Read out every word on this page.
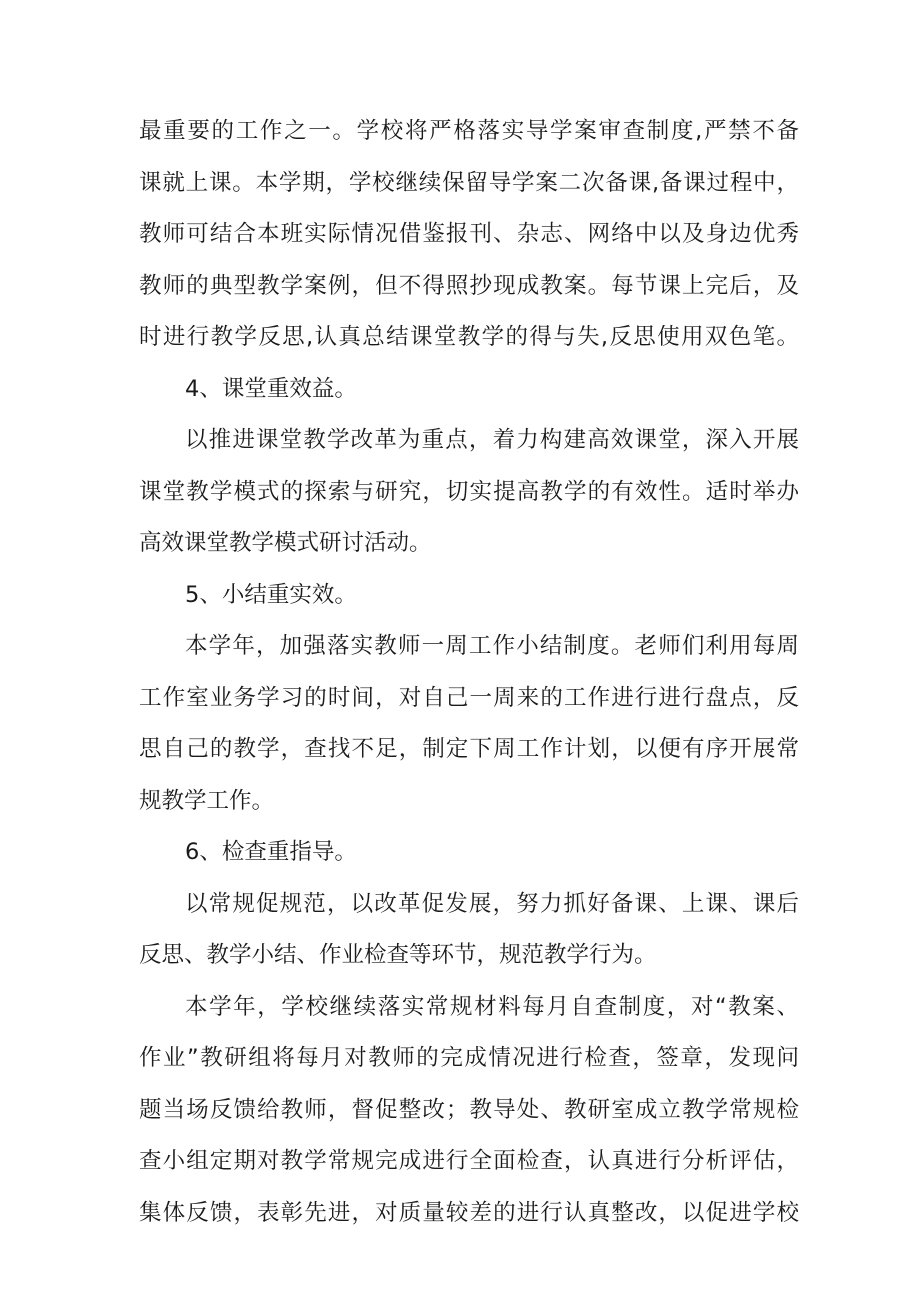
最重要的工作之一。学校将严格落实导学案审查制度,严禁不备
课就上课。本学期，学校继续保留导学案二次备课,备课过程中，
教师可结合本班实际情况借鉴报刊、杂志、网络中以及身边优秀
教师的典型教学案例，但不得照抄现成教案。每节课上完后，及
时进行教学反思,认真总结课堂教学的得与失,反思使用双色笔。
4、课堂重效益。
以推进课堂教学改革为重点，着力构建高效课堂，深入开展
课堂教学模式的探索与研究，切实提高教学的有效性。适时举办
高效课堂教学模式研讨活动。
5、小结重实效。
本学年，加强落实教师一周工作小结制度。老师们利用每周
工作室业务学习的时间，对自己一周来的工作进行进行盘点，反
思自己的教学，查找不足，制定下周工作计划，以便有序开展常
规教学工作。
6、检查重指导。
以常规促规范，以改革促发展，努力抓好备课、上课、课后
反思、教学小结、作业检查等环节，规范教学行为。
本学年，学校继续落实常规材料每月自查制度，对“教案、
作业”教研组将每月对教师的完成情况进行检查，签章，发现问
题当场反馈给教师，督促整改；教导处、教研室成立教学常规检
查小组定期对教学常规完成进行全面检查，认真进行分析评估，
集体反馈，表彰先进，对质量较差的进行认真整改，以促进学校
